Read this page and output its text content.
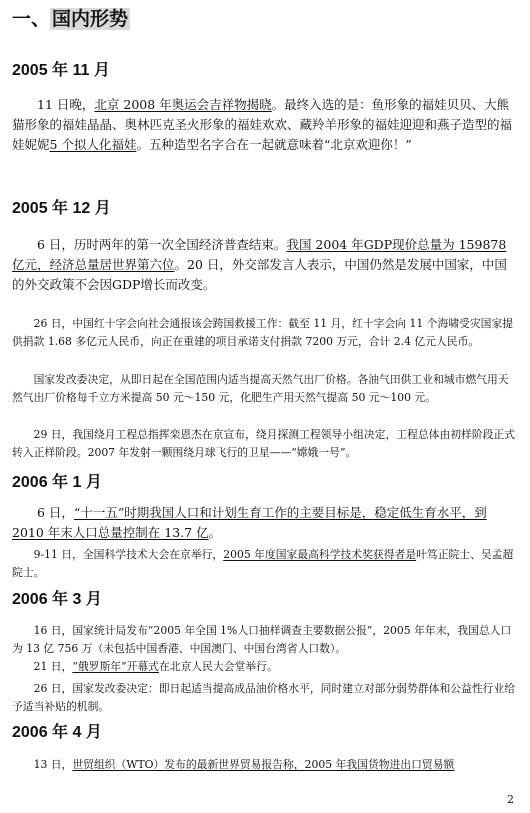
一、 国内形势
2005 年 11 月

11 日晚，北京 2008 年奥运会吉祥物揭晓。最终入选的是：鱼形象的福娃贝贝、大熊猫形象的福娃晶晶、奥林匹克圣火形象的福娃欢欢、藏羚羊形象的福娃迎迎和燕子造型的福娃妮妮5 个拟人化福娃。五种造型名字合在一起就意味着“北京欢迎你！”

2005 年 12 月

6 日，历时两年的第一次全国经济普查结束。我国 2004 年GDP现价总量为 159878 亿元，经济总量居世界第六位。20 日，外交部发言人表示，中国仍然是发展中国家，中国的外交政策不会因GDP增长而改变。

26 日，中国红十字会向社会通报该会跨国救援工作：截至 11 月，红十字会向 11 个海啸受灾国家提供捐款 1.68 多亿元人民币，向正在重建的项目承诺支付捐款 7200 万元，合计 2.4 亿元人民币。

国家发改委决定，从即日起在全国范围内适当提高天然气出厂价格。各油气田供工业和城市燃气用天然气出厂价格每千立方米提高 50 元～150 元，化肥生产用天然气提高 50 元～100 元。

29 日，我国绕月工程总指挥栾恩杰在京宣布，绕月探测工程领导小组决定，工程总体由初样阶段正式转入正样阶段。2007 年发射一颗围绕月球飞行的卫星——“嫦娥一号”。

2006 年 1 月

6 日，“十一五”时期我国人口和计划生育工作的主要目标是，稳定低生育水平，到 2010 年末人口总量控制在 13.7 亿。

9-11 日，全国科学技术大会在京举行，2005 年度国家最高科学技术奖获得者是叶笃正院士、吴孟超院士。

2006 年 3 月

16 日，国家统计局发布“2005 年全国 1%人口抽样调查主要数据公报”，2005 年年末，我国总人口为 13 亿 756 万（未包括中国香港、中国澳门、中国台湾省人口数）。

21 日，“俄罗斯年”开幕式在北京人民大会堂举行。

26 日，国家发改委决定：即日起适当提高成品油价格水平，同时建立对部分弱势群体和公益性行业给予适当补贴的机制。

2006 年 4 月

13 日，世贸组织（WTO）发布的最新世界贸易报告称，2005 年我国货物进出口贸易额

2
